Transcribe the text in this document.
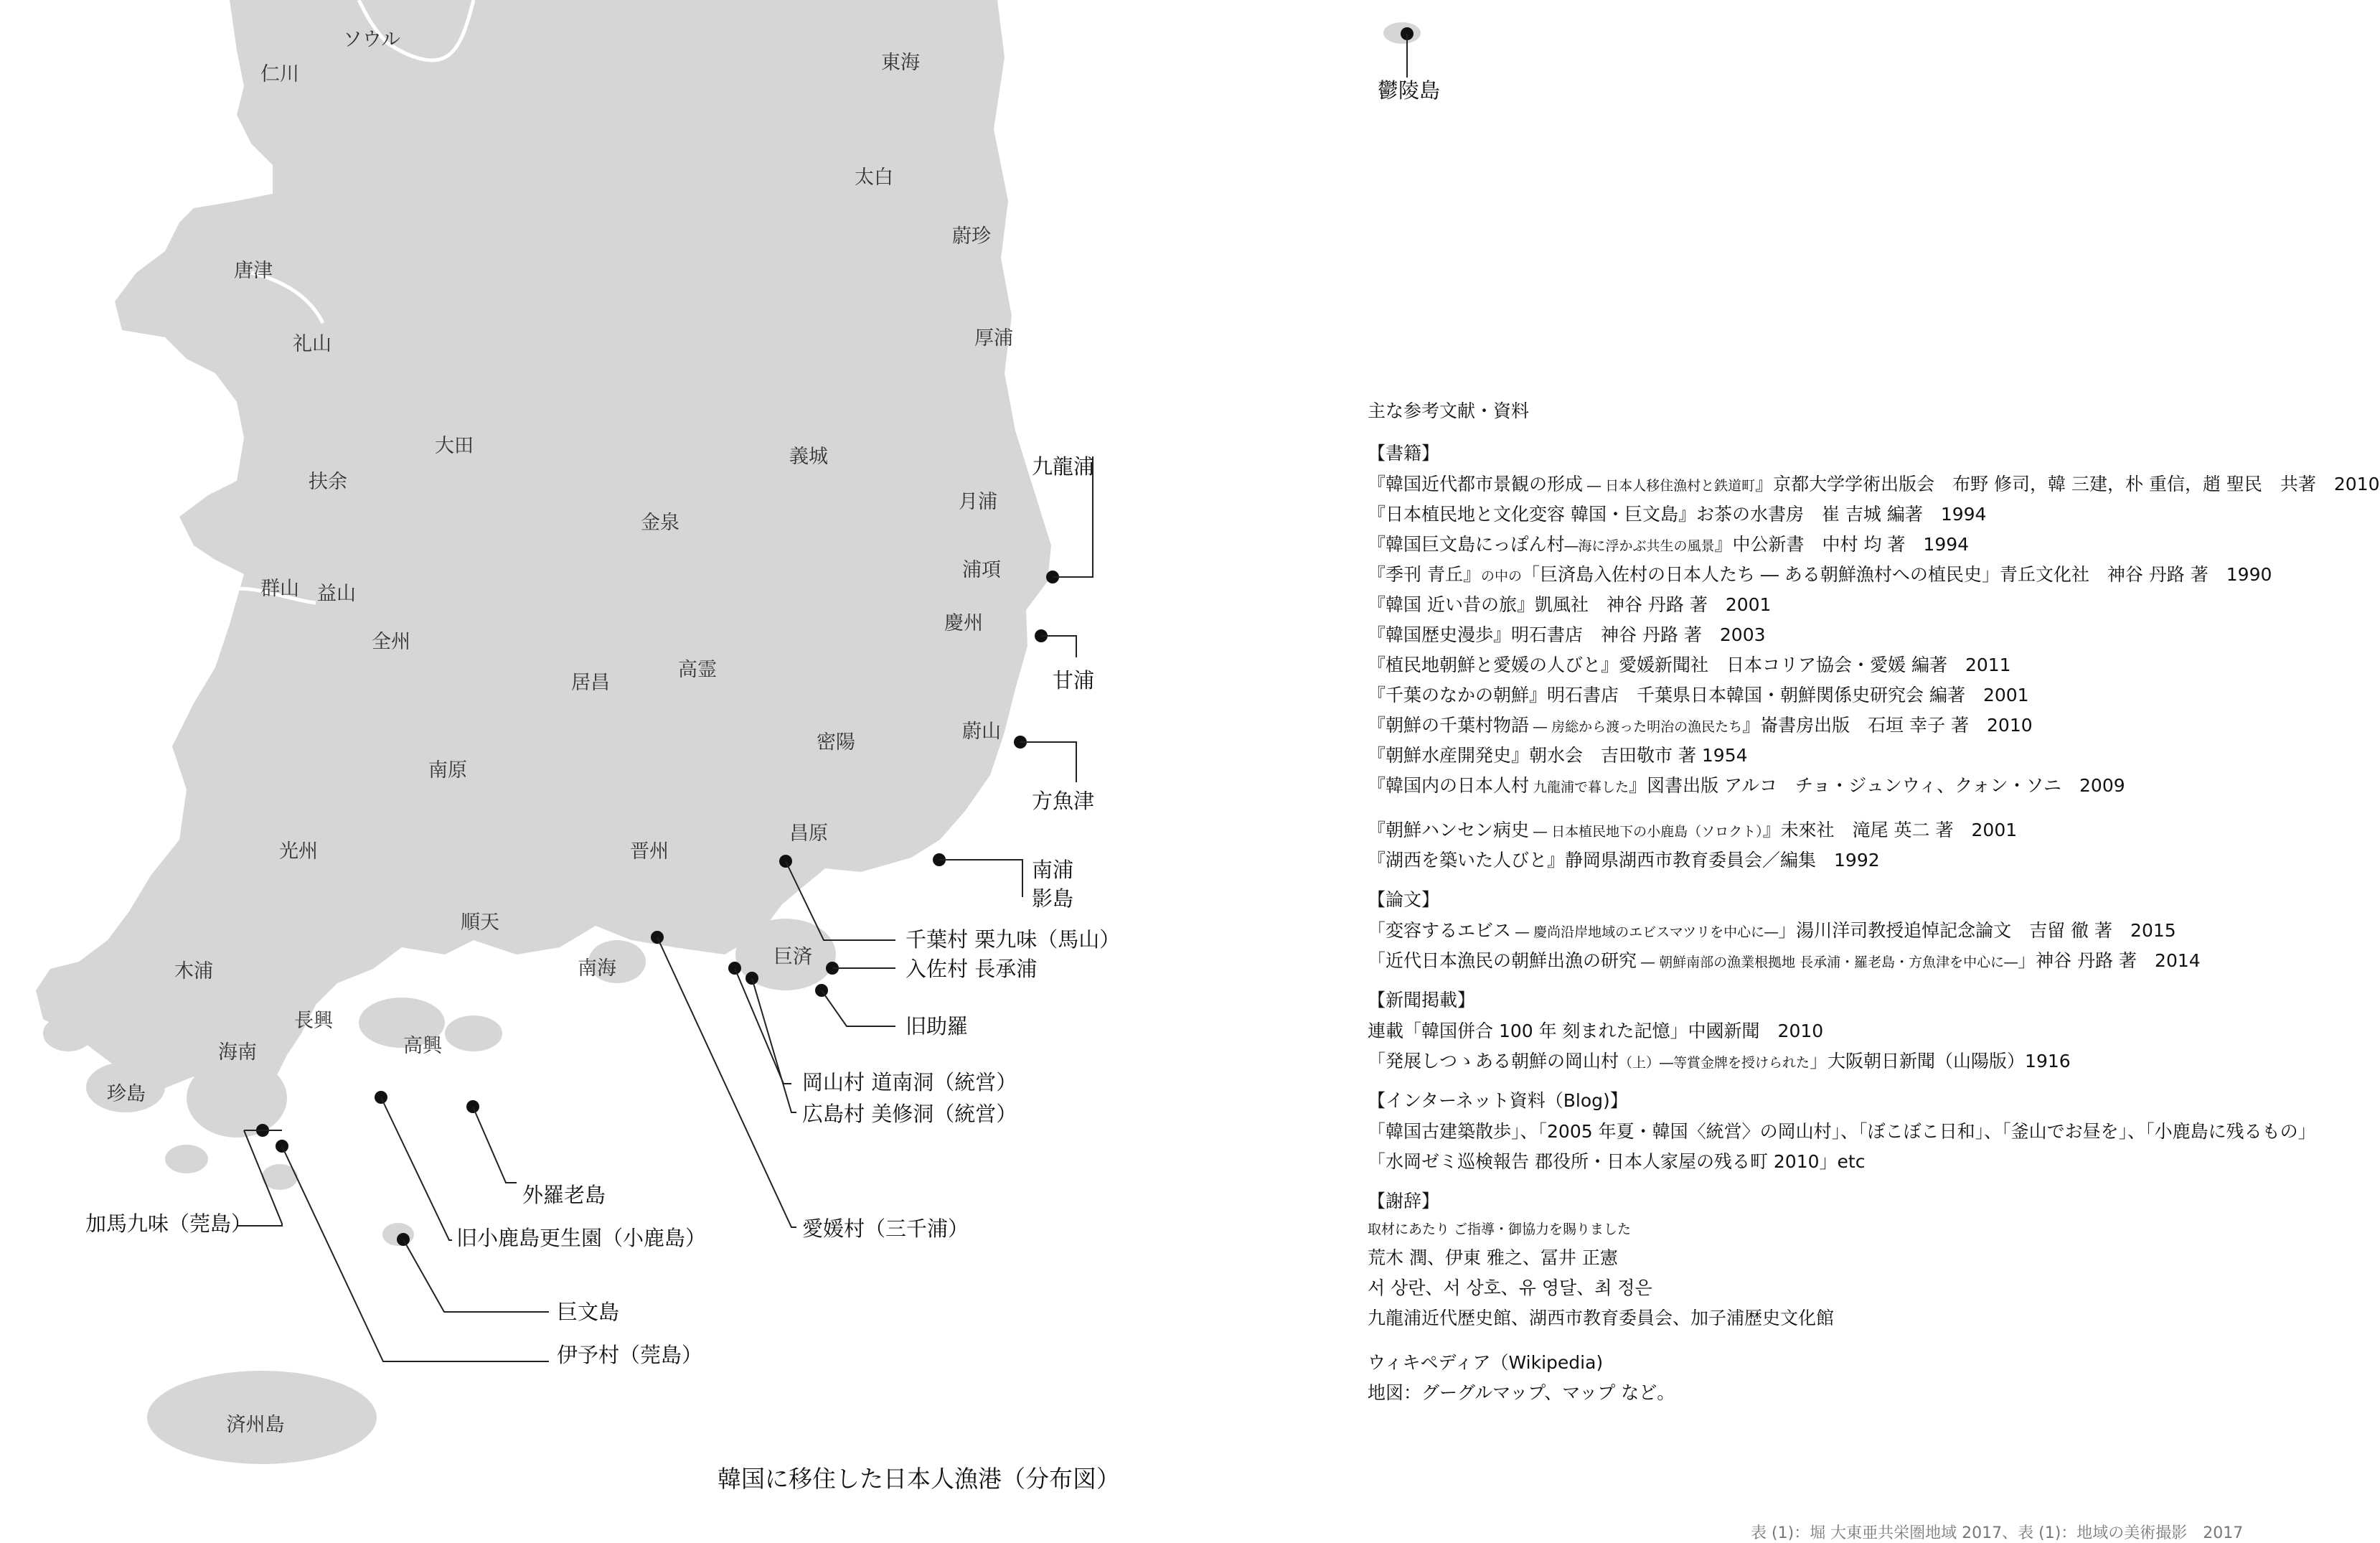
ソウル
仁川
東海
太白
蔚珍
厚浦
唐津
礼山
大田
扶余
義城
月浦
金泉
群山 益山
全州
浦項
慶州
居昌
高霊
蔚山
密陽
南原
昌原
光州	晋州
順天
巨済
南海
木浦
長興
海南	高興
珍島
済州島
鬱陵島
九龍浦
甘浦
方魚津
南浦
影島
千葉村 栗九味（馬山）
入佐村 長承浦
旧助羅
岡山村 道南洞（統営）
広島村 美修洞（統営）
愛媛村（三千浦）
外羅老島
旧小鹿島更生園（小鹿島）
巨文島
伊予村（莞島）
加馬九味（莞島）
韓国に移住した日本人漁港（分布図）
主な参考文献・資料
【書籍】
『韓国近代都市景観の形成 ― 日本人移住漁村と鉄道町』京都大学学術出版会　布野 修司，韓 三建，朴 重信，趙 聖民　共著　2010
『日本植民地と文化変容 韓国・巨文島』お茶の水書房　崔 吉城 編著　1994
『韓国巨文島にっぽん村―海に浮かぶ共生の風景』中公新書　中村 均 著　1994
『季刊 青丘』の中の「巨済島入佐村の日本人たち ― ある朝鮮漁村への植民史」青丘文化社　神谷 丹路 著　1990
『韓国 近い昔の旅』凱風社　神谷 丹路 著　2001
『韓国歴史漫歩』明石書店　神谷 丹路 著　2003
『植民地朝鮮と愛媛の人びと』愛媛新聞社　日本コリア協会・愛媛 編著　2011
『千葉のなかの朝鮮』明石書店　千葉県日本韓国・朝鮮関係史研究会 編著　2001
『朝鮮の千葉村物語 ― 房総から渡った明治の漁民たち』崙書房出版　石垣 幸子 著　2010
『朝鮮水産開発史』朝水会　吉田敬市 著 1954
『韓国内の日本人村 九龍浦で暮した』図書出版 アルコ　チョ・ジュンウィ、クォン・ソニ　2009
『朝鮮ハンセン病史 ― 日本植民地下の小鹿島（ソロクト）』未來社　滝尾 英二 著　2001
『湖西を築いた人びと』静岡県湖西市教育委員会／編集　1992
【論文】
「変容するエビス ― 慶尚沿岸地域のエビスマツリを中心に―」湯川洋司教授追悼記念論文　吉留 徹 著　2015
「近代日本漁民の朝鮮出漁の研究 ― 朝鮮南部の漁業根拠地 長承浦・羅老島・方魚津を中心に―」神谷 丹路 著　2014
【新聞掲載】
連載「韓国併合 100 年 刻まれた記憶」中國新聞　2010
「発展しつゝある朝鮮の岡山村（上）―等賞金牌を授けられた」大阪朝日新聞（山陽版）1916
【インターネット資料（Blog)】
「韓国古建築散歩」、「2005 年夏・韓国〈統営〉の岡山村」、「ぼこぼこ日和」、「釜山でお昼を」、「小鹿島に残るもの」
「水岡ゼミ巡検報告 郡役所・日本人家屋の残る町 2010」etc
【謝辞】
取材にあたり ご指導・御協力を賜りました
荒木 潤、伊東 雅之、冨井 正憲
서 상란、서 상호、유 영달、최 정은
九龍浦近代歴史館、湖西市教育委員会、加子浦歴史文化館
ウィキペディア（Wikipedia)
地図：グーグルマップ、マップ など。
表 (1)：堀 大東亜共栄圏地域 2017、表 (1)：地域の美術撮影　2017
